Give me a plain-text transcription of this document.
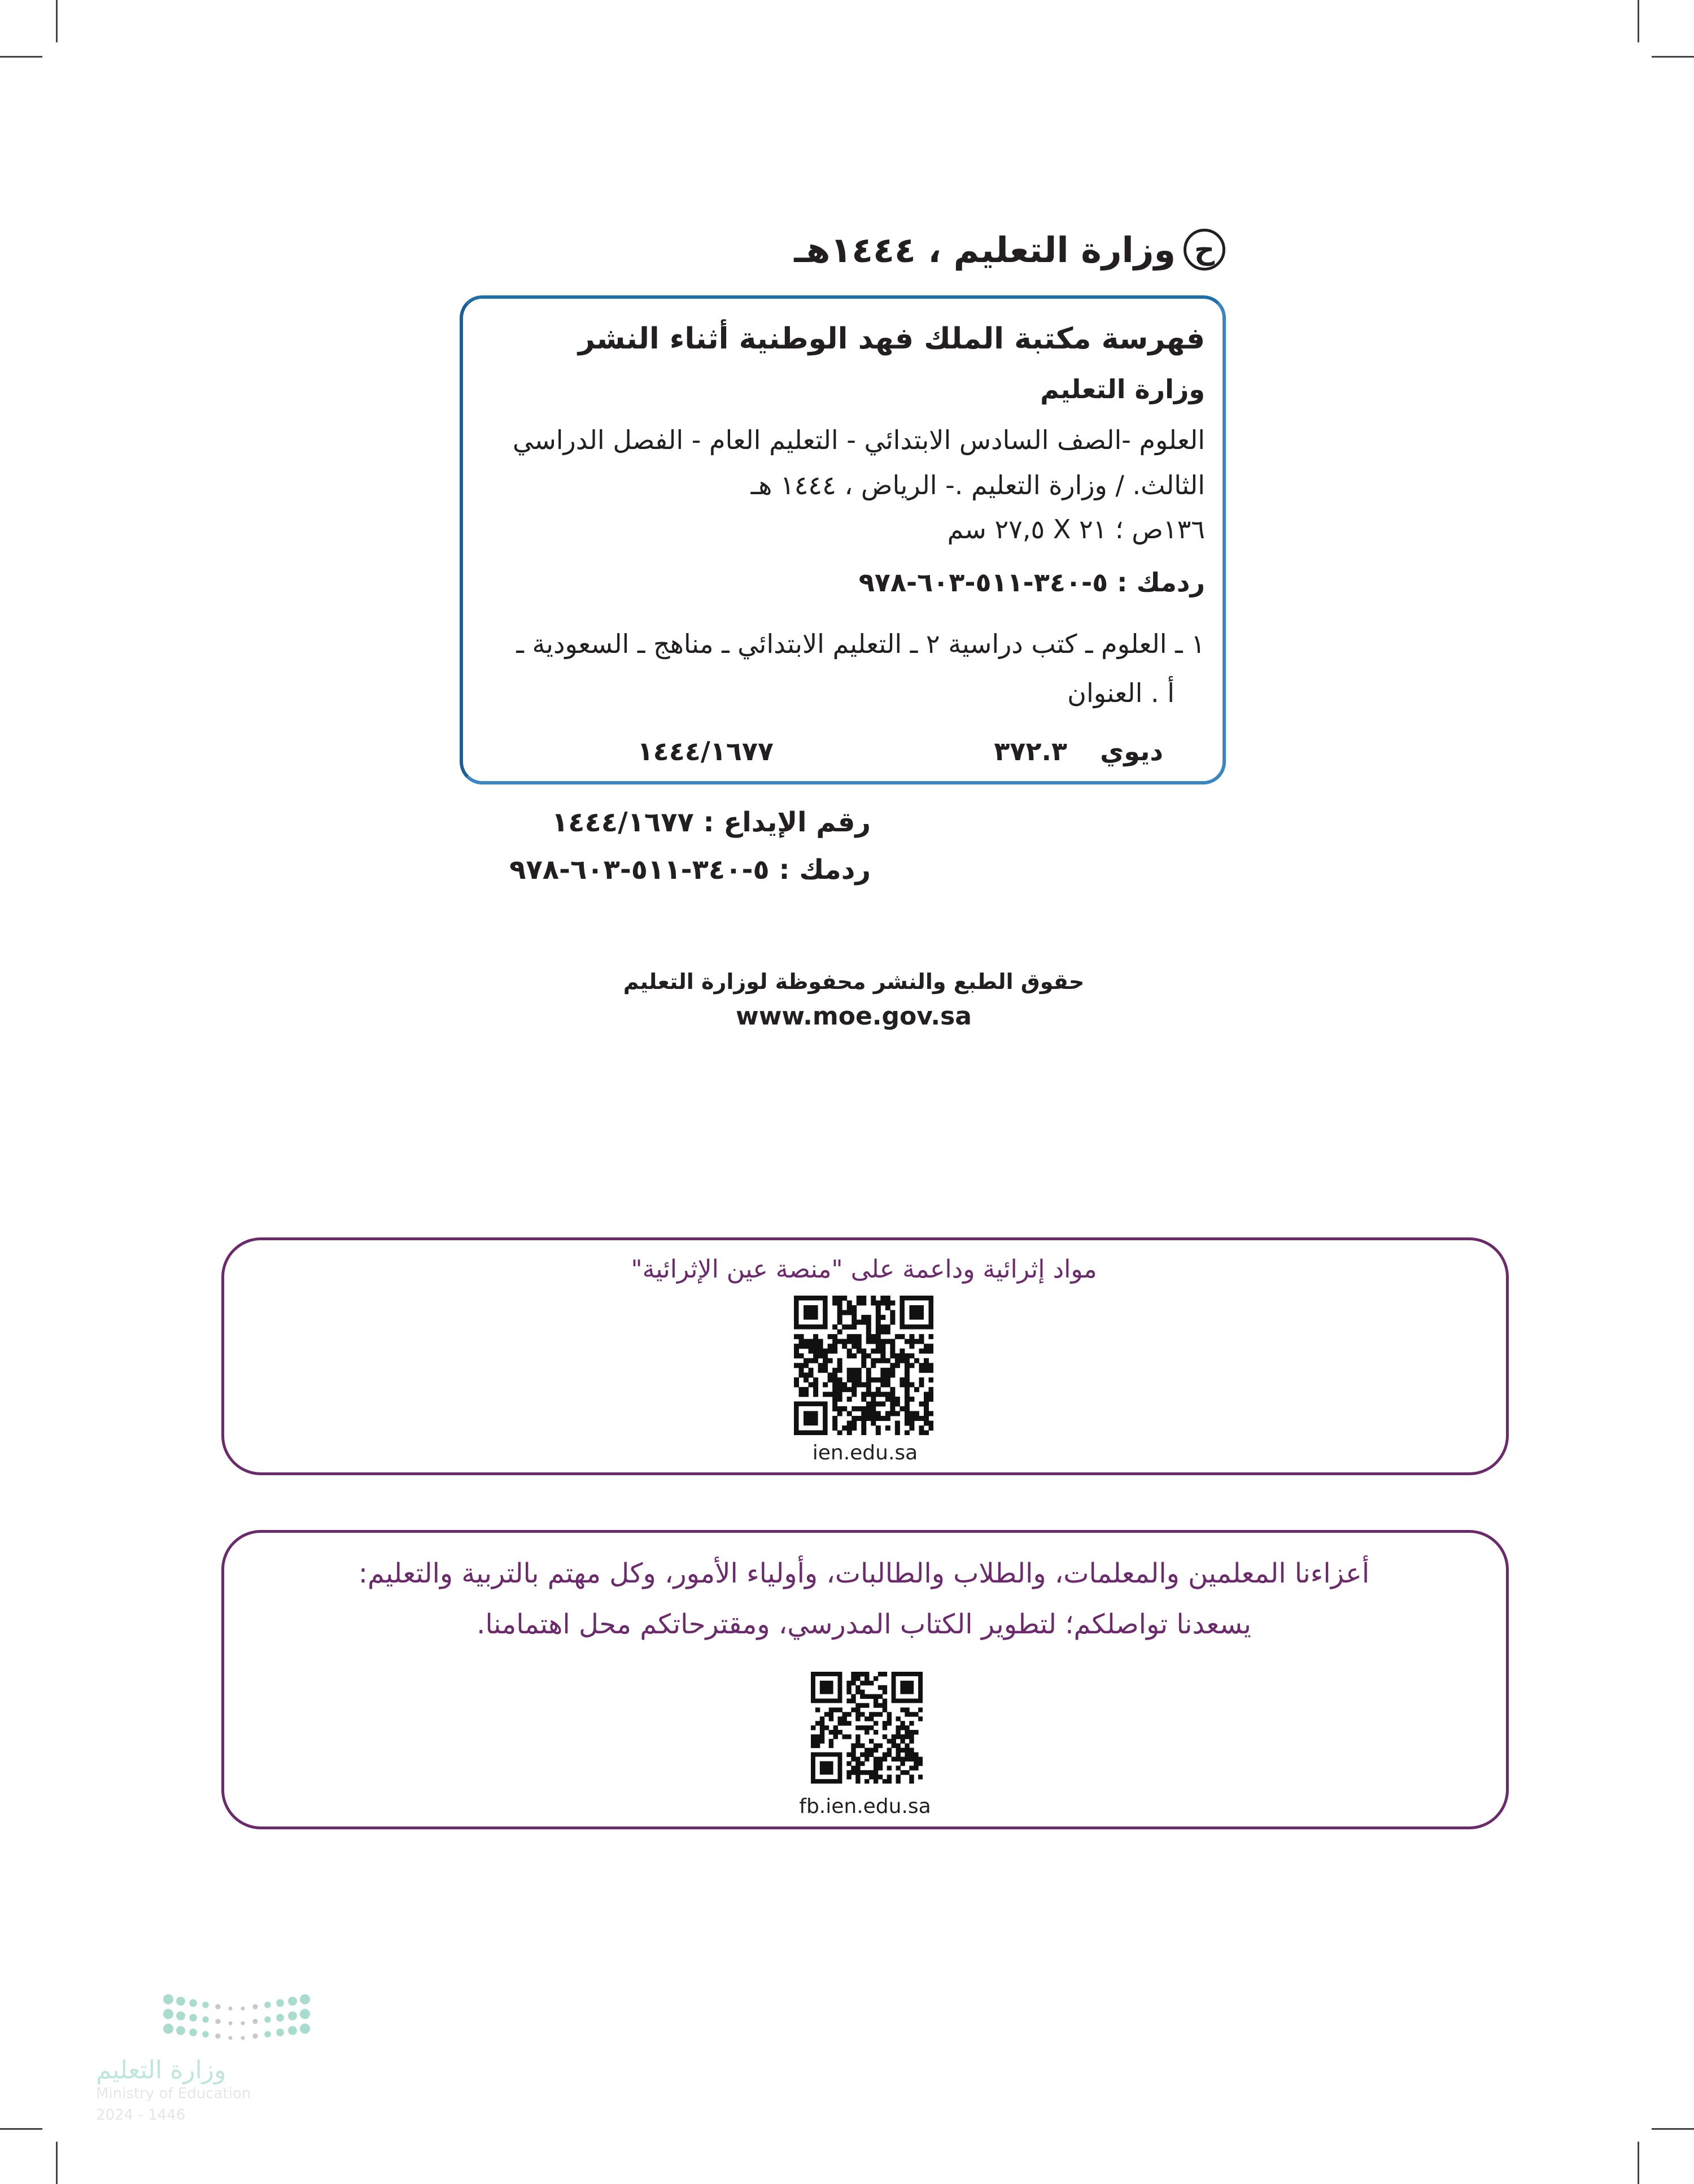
ح
وزارة التعليم ، ١٤٤٤هـ
فهرسة مكتبة الملك فهد الوطنية أثناء النشر
وزارة التعليم
العلوم -الصف السادس الابتدائي - التعليم العام - الفصل الدراسي
الثالث. / وزارة التعليم .- الرياض ، ١٤٤٤ هـ
١٣٦ص ؛ ٢١ X ٢٧,٥ سم
ردمك : ٥-٣٤٠-٥١١-٦٠٣-٩٧٨
١ ـ العلوم ـ كتب دراسية ٢ ـ التعليم الابتدائي ـ مناهج ـ السعودية ـ
أ . العنوان
ديوي
٣٧٢.٣
١٤٤٤/١٦٧٧
رقم الإيداع : ١٤٤٤/١٦٧٧
ردمك : ٥-٣٤٠-٥١١-٦٠٣-٩٧٨
حقوق الطبع والنشر محفوظة لوزارة التعليم
www.moe.gov.sa
مواد إثرائية وداعمة على "منصة عين الإثرائية"
ien.edu.sa
أعزاءنا المعلمين والمعلمات، والطلاب والطالبات، وأولياء الأمور، وكل مهتم بالتربية والتعليم:
يسعدنا تواصلكم؛ لتطوير الكتاب المدرسي، ومقترحاتكم محل اهتمامنا.
fb.ien.edu.sa
وزارة التعليم
Ministry of Education
2024 - 1446
